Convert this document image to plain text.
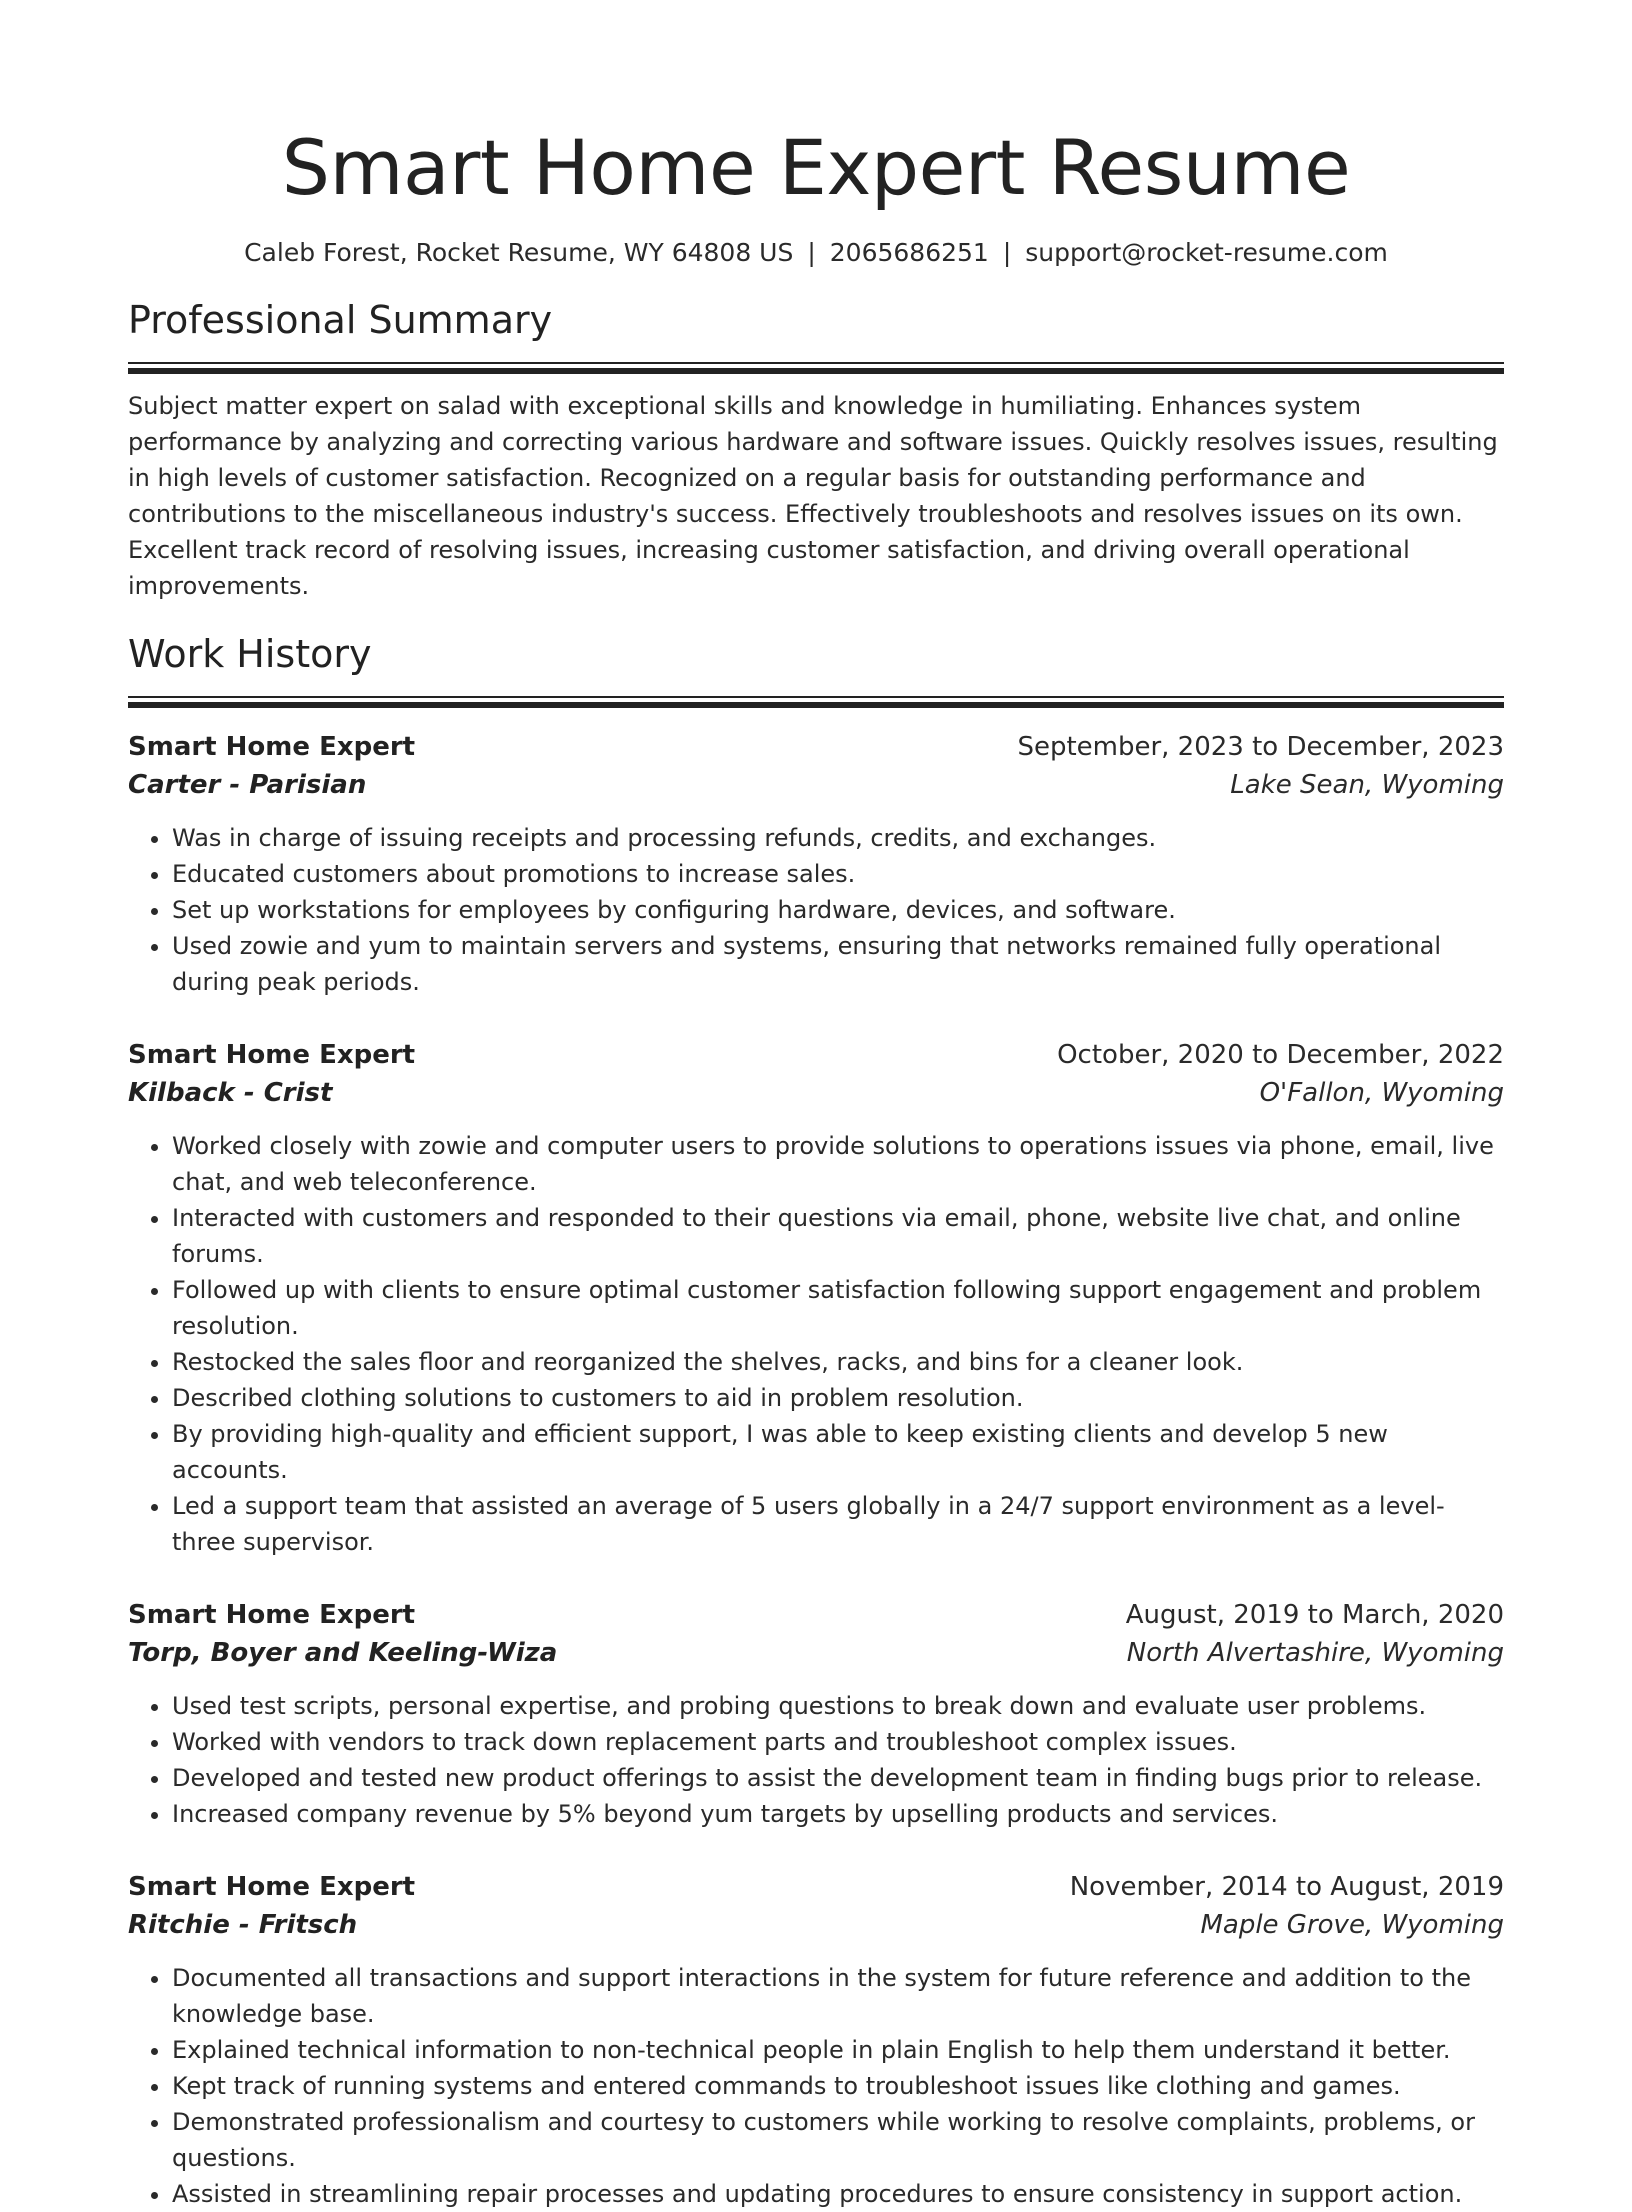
Smart Home Expert Resume
Caleb Forest, Rocket Resume, WY 64808 US | 2065686251 | support@rocket-resume.com
Professional Summary

Subject matter expert on salad with exceptional skills and knowledge in humiliating. Enhances system performance by analyzing and correcting various hardware and software issues. Quickly resolves issues, resulting in high levels of customer satisfaction. Recognized on a regular basis for outstanding performance and contributions to the miscellaneous industry's success. Effectively troubleshoots and resolves issues on its own. Excellent track record of resolving issues, increasing customer satisfaction, and driving overall operational improvements.

Work History
Smart Home Expert	September, 2023 to December, 2023
Carter - Parisian	Lake Sean, Wyoming
• Was in charge of issuing receipts and processing refunds, credits, and exchanges.
• Educated customers about promotions to increase sales.
• Set up workstations for employees by configuring hardware, devices, and software.
• Used zowie and yum to maintain servers and systems, ensuring that networks remained fully operational during peak periods.
Smart Home Expert	October, 2020 to December, 2022
Kilback - Crist	O'Fallon, Wyoming
• Worked closely with zowie and computer users to provide solutions to operations issues via phone, email, live chat, and web teleconference.
• Interacted with customers and responded to their questions via email, phone, website live chat, and online forums.
• Followed up with clients to ensure optimal customer satisfaction following support engagement and problem resolution.
• Restocked the sales floor and reorganized the shelves, racks, and bins for a cleaner look.
• Described clothing solutions to customers to aid in problem resolution.
• By providing high-quality and efficient support, I was able to keep existing clients and develop 5 new accounts.
• Led a support team that assisted an average of 5 users globally in a 24/7 support environment as a level-three supervisor.
Smart Home Expert	August, 2019 to March, 2020
Torp, Boyer and Keeling-Wiza	North Alvertashire, Wyoming
• Used test scripts, personal expertise, and probing questions to break down and evaluate user problems.
• Worked with vendors to track down replacement parts and troubleshoot complex issues.
• Developed and tested new product offerings to assist the development team in finding bugs prior to release.
• Increased company revenue by 5% beyond yum targets by upselling products and services.
Smart Home Expert	November, 2014 to August, 2019
Ritchie - Fritsch	Maple Grove, Wyoming
• Documented all transactions and support interactions in the system for future reference and addition to the knowledge base.
• Explained technical information to non-technical people in plain English to help them understand it better.
• Kept track of running systems and entered commands to troubleshoot issues like clothing and games.
• Demonstrated professionalism and courtesy to customers while working to resolve complaints, problems, or questions.
• Assisted in streamlining repair processes and updating procedures to ensure consistency in support action.
